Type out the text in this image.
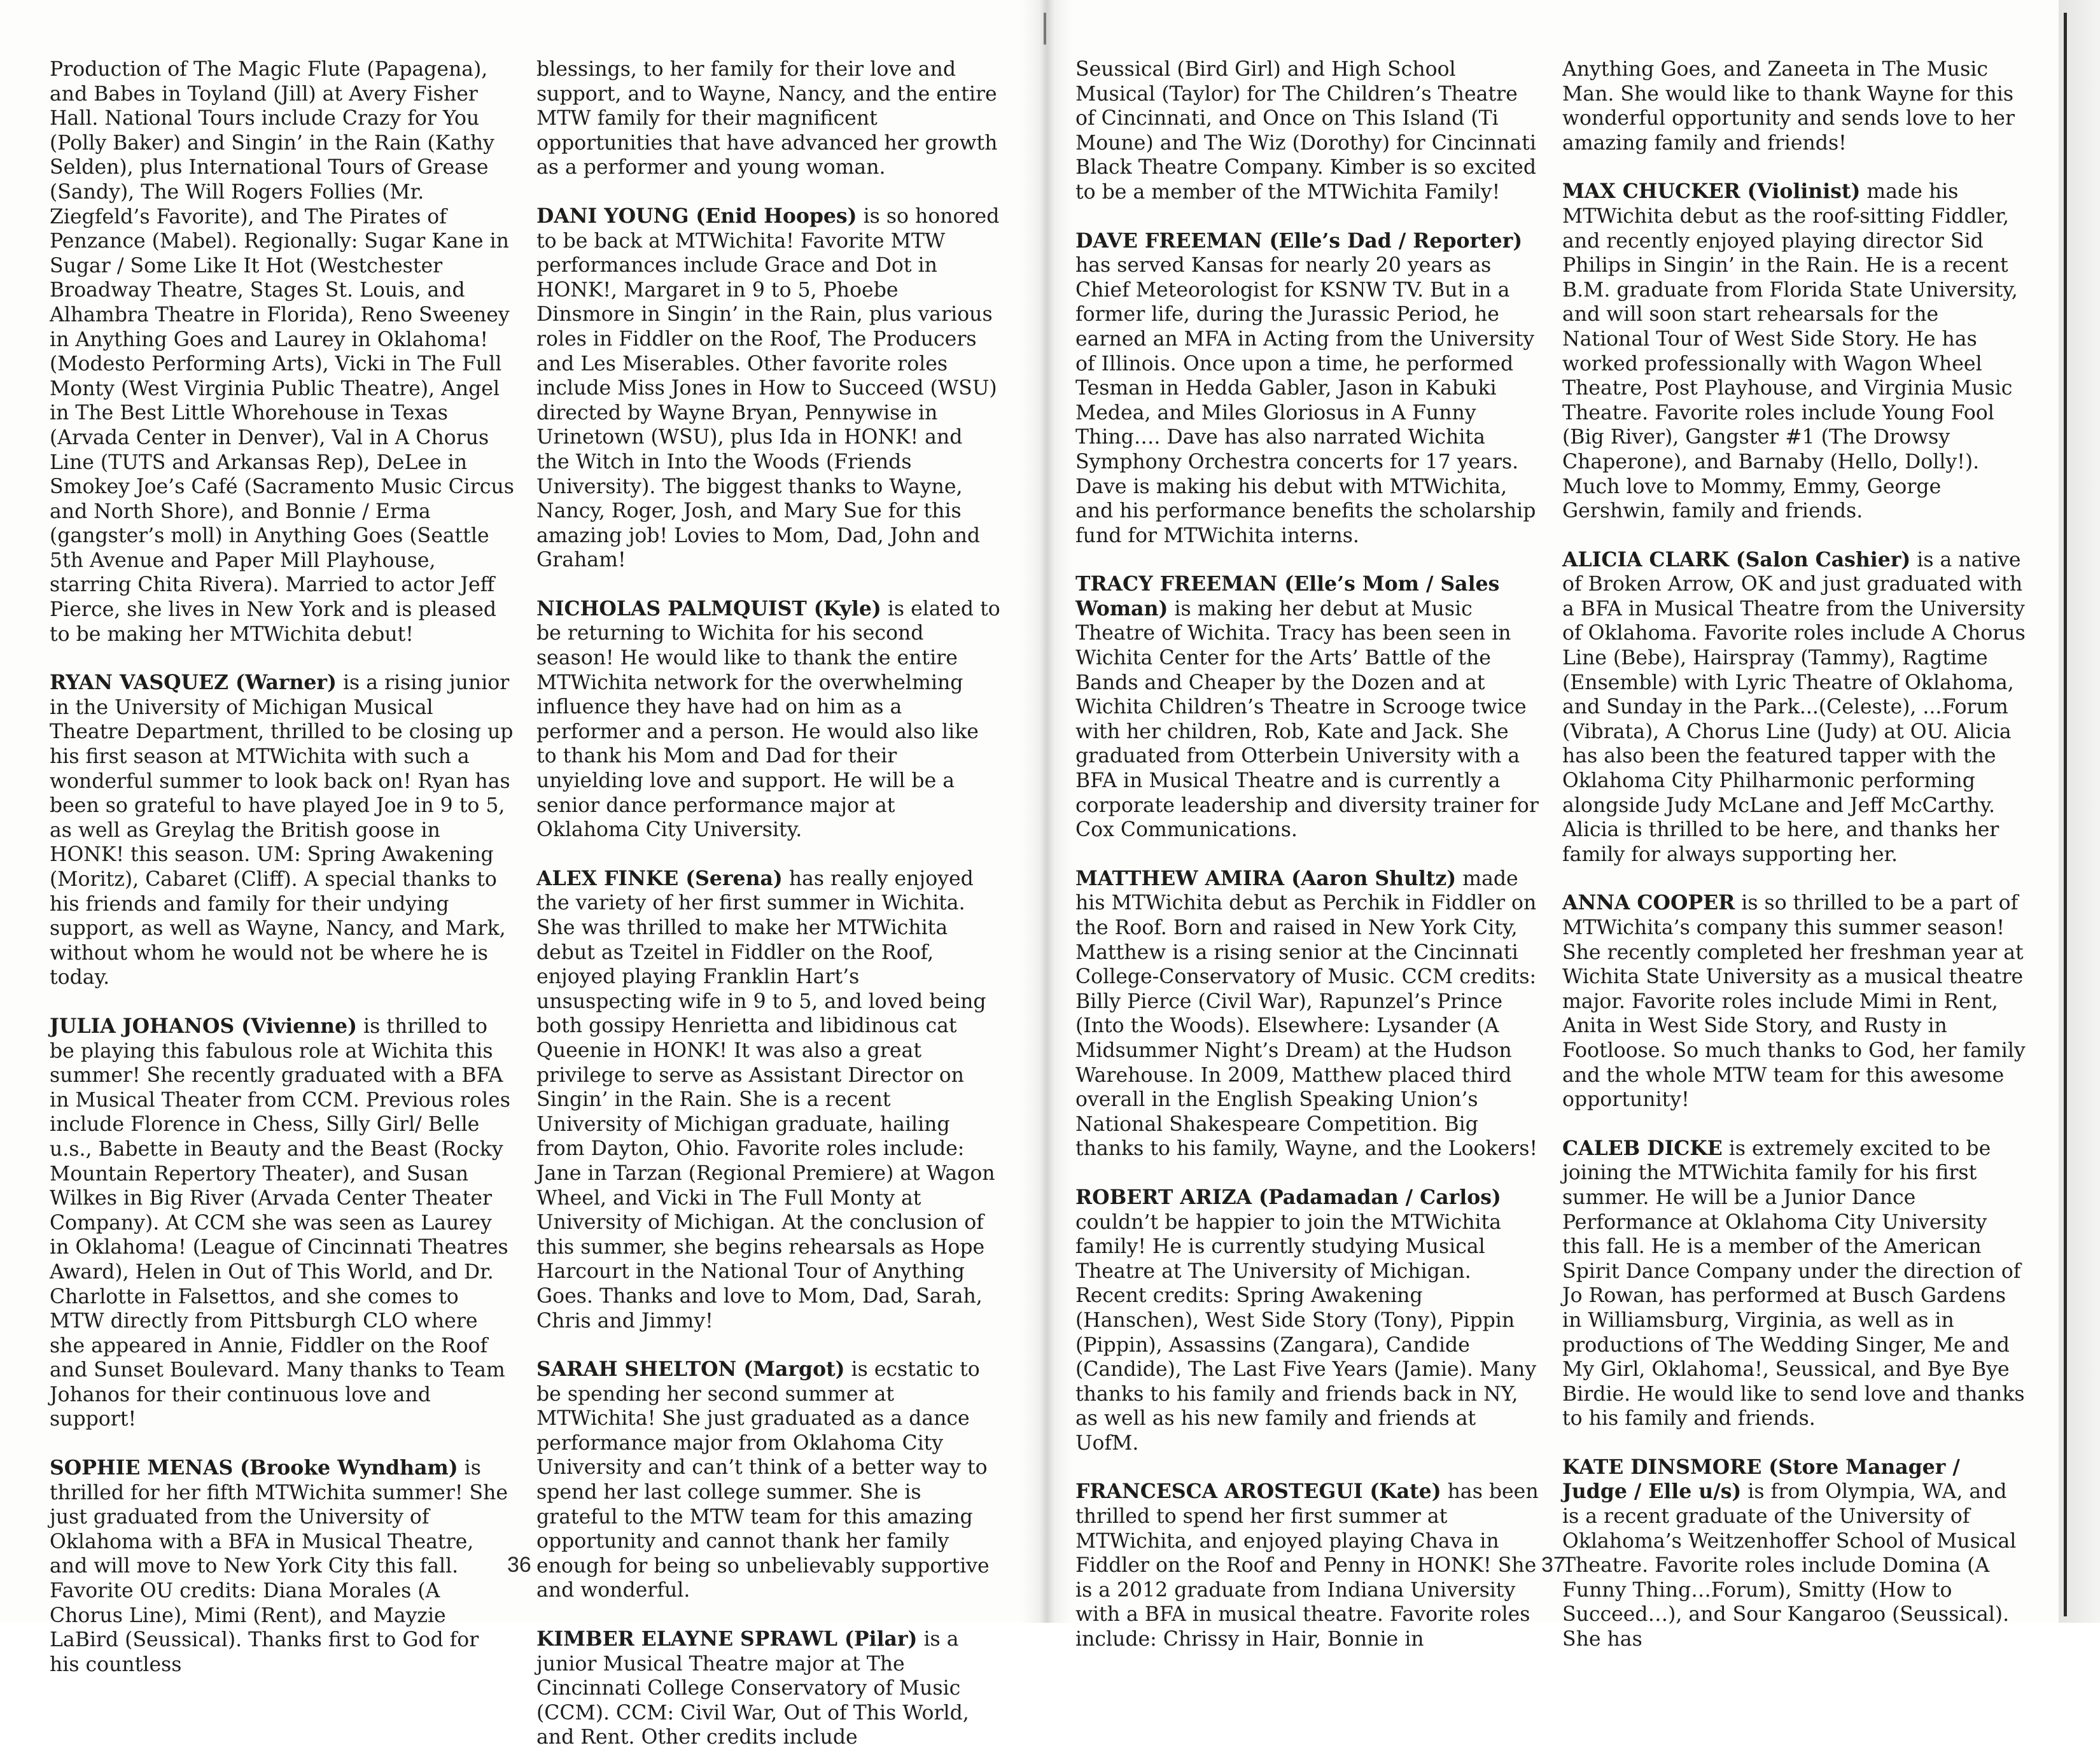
Production of The Magic Flute (Papagena), and Babes in Toyland (Jill) at Avery Fisher Hall. National Tours include Crazy for You (Polly Baker) and Singin’ in the Rain (Kathy Selden), plus International Tours of Grease (Sandy), The Will Rogers Follies (Mr. Ziegfeld’s Favorite), and The Pirates of Penzance (Mabel). Regionally: Sugar Kane in Sugar / Some Like It Hot (Westchester Broadway Theatre, Stages St. Louis, and Alhambra Theatre in Florida), Reno Sweeney in Anything Goes and Laurey in Oklahoma! (Modesto Performing Arts), Vicki in The Full Monty (West Virginia Public Theatre), Angel in The Best Little Whorehouse in Texas (Arvada Center in Denver), Val in A Chorus Line (TUTS and Arkansas Rep), DeLee in Smokey Joe’s Café (Sacramento Music Circus and North Shore), and Bonnie / Erma (gangster’s moll) in Anything Goes (Seattle 5th Avenue and Paper Mill Playhouse, starring Chita Rivera). Married to actor Jeff Pierce, she lives in New York and is pleased to be making her MTWichita debut!

RYAN VASQUEZ (Warner) is a rising junior in the University of Michigan Musical Theatre Department, thrilled to be closing up his first season at MTWichita with such a wonderful summer to look back on! Ryan has been so grateful to have played Joe in 9 to 5, as well as Greylag the British goose in HONK! this season. UM: Spring Awakening (Moritz), Cabaret (Cliff). A special thanks to his friends and family for their undying support, as well as Wayne, Nancy, and Mark, without whom he would not be where he is today.

JULIA JOHANOS (Vivienne) is thrilled to be playing this fabulous role at Wichita this summer! She recently graduated with a BFA in Musical Theater from CCM. Previous roles include Florence in Chess, Silly Girl/ Belle u.s., Babette in Beauty and the Beast (Rocky Mountain Repertory Theater), and Susan Wilkes in Big River (Arvada Center Theater Company). At CCM she was seen as Laurey in Oklahoma! (League of Cincinnati Theatres Award), Helen in Out of This World, and Dr. Charlotte in Falsettos, and she comes to MTW directly from Pittsburgh CLO where she appeared in Annie, Fiddler on the Roof and Sunset Boulevard. Many thanks to Team Johanos for their continuous love and support!

SOPHIE MENAS (Brooke Wyndham) is thrilled for her fifth MTWichita summer! She just graduated from the University of Oklahoma with a BFA in Musical Theatre, and will move to New York City this fall. Favorite OU credits: Diana Morales (A Chorus Line), Mimi (Rent), and Mayzie LaBird (Seussical). Thanks first to God for his countless

blessings, to her family for their love and support, and to Wayne, Nancy, and the entire MTW family for their magnificent opportunities that have advanced her growth as a performer and young woman.

DANI YOUNG (Enid Hoopes) is so honored to be back at MTWichita! Favorite MTW performances include Grace and Dot in HONK!, Margaret in 9 to 5, Phoebe Dinsmore in Singin’ in the Rain, plus various roles in Fiddler on the Roof, The Producers and Les Miserables. Other favorite roles include Miss Jones in How to Succeed (WSU) directed by Wayne Bryan, Pennywise in Urinetown (WSU), plus Ida in HONK! and the Witch in Into the Woods (Friends University). The biggest thanks to Wayne, Nancy, Roger, Josh, and Mary Sue for this amazing job! Lovies to Mom, Dad, John and Graham!

NICHOLAS PALMQUIST (Kyle) is elated to be returning to Wichita for his second season! He would like to thank the entire MTWichita network for the overwhelming influence they have had on him as a performer and a person. He would also like to thank his Mom and Dad for their unyielding love and support. He will be a senior dance performance major at Oklahoma City University.

ALEX FINKE (Serena) has really enjoyed the variety of her first summer in Wichita. She was thrilled to make her MTWichita debut as Tzeitel in Fiddler on the Roof, enjoyed playing Franklin Hart’s unsuspecting wife in 9 to 5, and loved being both gossipy Henrietta and libidinous cat Queenie in HONK! It was also a great privilege to serve as Assistant Director on Singin’ in the Rain. She is a recent University of Michigan graduate, hailing from Dayton, Ohio. Favorite roles include: Jane in Tarzan (Regional Premiere) at Wagon Wheel, and Vicki in The Full Monty at University of Michigan. At the conclusion of this summer, she begins rehearsals as Hope Harcourt in the National Tour of Anything Goes. Thanks and love to Mom, Dad, Sarah, Chris and Jimmy!

SARAH SHELTON (Margot) is ecstatic to be spending her second summer at MTWichita! She just graduated as a dance performance major from Oklahoma City University and can’t think of a better way to spend her last college summer. She is grateful to the MTW team for this amazing opportunity and cannot thank her family enough for being so unbelievably supportive and wonderful.

KIMBER ELAYNE SPRAWL (Pilar) is a junior Musical Theatre major at The Cincinnati College Conservatory of Music (CCM). CCM: Civil War, Out of This World, and Rent. Other credits include

Seussical (Bird Girl) and High School Musical (Taylor) for The Children’s Theatre of Cincinnati, and Once on This Island (Ti Moune) and The Wiz (Dorothy) for Cincinnati Black Theatre Company. Kimber is so excited to be a member of the MTWichita Family!

DAVE FREEMAN (Elle’s Dad / Reporter) has served Kansas for nearly 20 years as Chief Meteorologist for KSNW TV. But in a former life, during the Jurassic Period, he earned an MFA in Acting from the University of Illinois. Once upon a time, he performed Tesman in Hedda Gabler, Jason in Kabuki Medea, and Miles Gloriosus in A Funny Thing…. Dave has also narrated Wichita Symphony Orchestra concerts for 17 years. Dave is making his debut with MTWichita, and his performance benefits the scholarship fund for MTWichita interns.

TRACY FREEMAN (Elle’s Mom / Sales Woman) is making her debut at Music Theatre of Wichita. Tracy has been seen in Wichita Center for the Arts’ Battle of the Bands and Cheaper by the Dozen and at Wichita Children’s Theatre in Scrooge twice with her children, Rob, Kate and Jack. She graduated from Otterbein University with a BFA in Musical Theatre and is currently a corporate leadership and diversity trainer for Cox Communications.

MATTHEW AMIRA (Aaron Shultz) made his MTWichita debut as Perchik in Fiddler on the Roof. Born and raised in New York City, Matthew is a rising senior at the Cincinnati College-Conservatory of Music. CCM credits: Billy Pierce (Civil War), Rapunzel’s Prince (Into the Woods). Elsewhere: Lysander (A Midsummer Night’s Dream) at the Hudson Warehouse. In 2009, Matthew placed third overall in the English Speaking Union’s National Shakespeare Competition. Big thanks to his family, Wayne, and the Lookers!

ROBERT ARIZA (Padamadan / Carlos) couldn’t be happier to join the MTWichita family! He is currently studying Musical Theatre at The University of Michigan. Recent credits: Spring Awakening (Hanschen), West Side Story (Tony), Pippin (Pippin), Assassins (Zangara), Candide (Candide), The Last Five Years (Jamie). Many thanks to his family and friends back in NY, as well as his new family and friends at UofM.

FRANCESCA AROSTEGUI (Kate) has been thrilled to spend her first summer at MTWichita, and enjoyed playing Chava in Fiddler on the Roof and Penny in HONK! She is a 2012 graduate from Indiana University with a BFA in musical theatre. Favorite roles include: Chrissy in Hair, Bonnie in

Anything Goes, and Zaneeta in The Music Man. She would like to thank Wayne for this wonderful opportunity and sends love to her amazing family and friends!

MAX CHUCKER (Violinist) made his MTWichita debut as the roof-sitting Fiddler, and recently enjoyed playing director Sid Philips in Singin’ in the Rain. He is a recent B.M. graduate from Florida State University, and will soon start rehearsals for the National Tour of West Side Story. He has worked professionally with Wagon Wheel Theatre, Post Playhouse, and Virginia Music Theatre. Favorite roles include Young Fool (Big River), Gangster #1 (The Drowsy Chaperone), and Barnaby (Hello, Dolly!). Much love to Mommy, Emmy, George Gershwin, family and friends.

ALICIA CLARK (Salon Cashier) is a native of Broken Arrow, OK and just graduated with a BFA in Musical Theatre from the University of Oklahoma. Favorite roles include A Chorus Line (Bebe), Hairspray (Tammy), Ragtime (Ensemble) with Lyric Theatre of Oklahoma, and Sunday in the Park...(Celeste), ...Forum (Vibrata), A Chorus Line (Judy) at OU. Alicia has also been the featured tapper with the Oklahoma City Philharmonic performing alongside Judy McLane and Jeff McCarthy. Alicia is thrilled to be here, and thanks her family for always supporting her.

ANNA COOPER is so thrilled to be a part of MTWichita’s company this summer season! She recently completed her freshman year at Wichita State University as a musical theatre major. Favorite roles include Mimi in Rent, Anita in West Side Story, and Rusty in Footloose. So much thanks to God, her family and the whole MTW team for this awesome opportunity!

CALEB DICKE is extremely excited to be joining the MTWichita family for his first summer. He will be a Junior Dance Performance at Oklahoma City University this fall. He is a member of the American Spirit Dance Company under the direction of Jo Rowan, has performed at Busch Gardens in Williamsburg, Virginia, as well as in productions of The Wedding Singer, Me and My Girl, Oklahoma!, Seussical, and Bye Bye Birdie. He would like to send love and thanks to his family and friends.

KATE DINSMORE (Store Manager / Judge / Elle u/s) is from Olympia, WA, and is a recent graduate of the University of Oklahoma’s Weitzenhoffer School of Musical Theatre. Favorite roles include Domina (A Funny Thing…Forum), Smitty (How to Succeed…), and Sour Kangaroo (Seussical). She has

36	37
